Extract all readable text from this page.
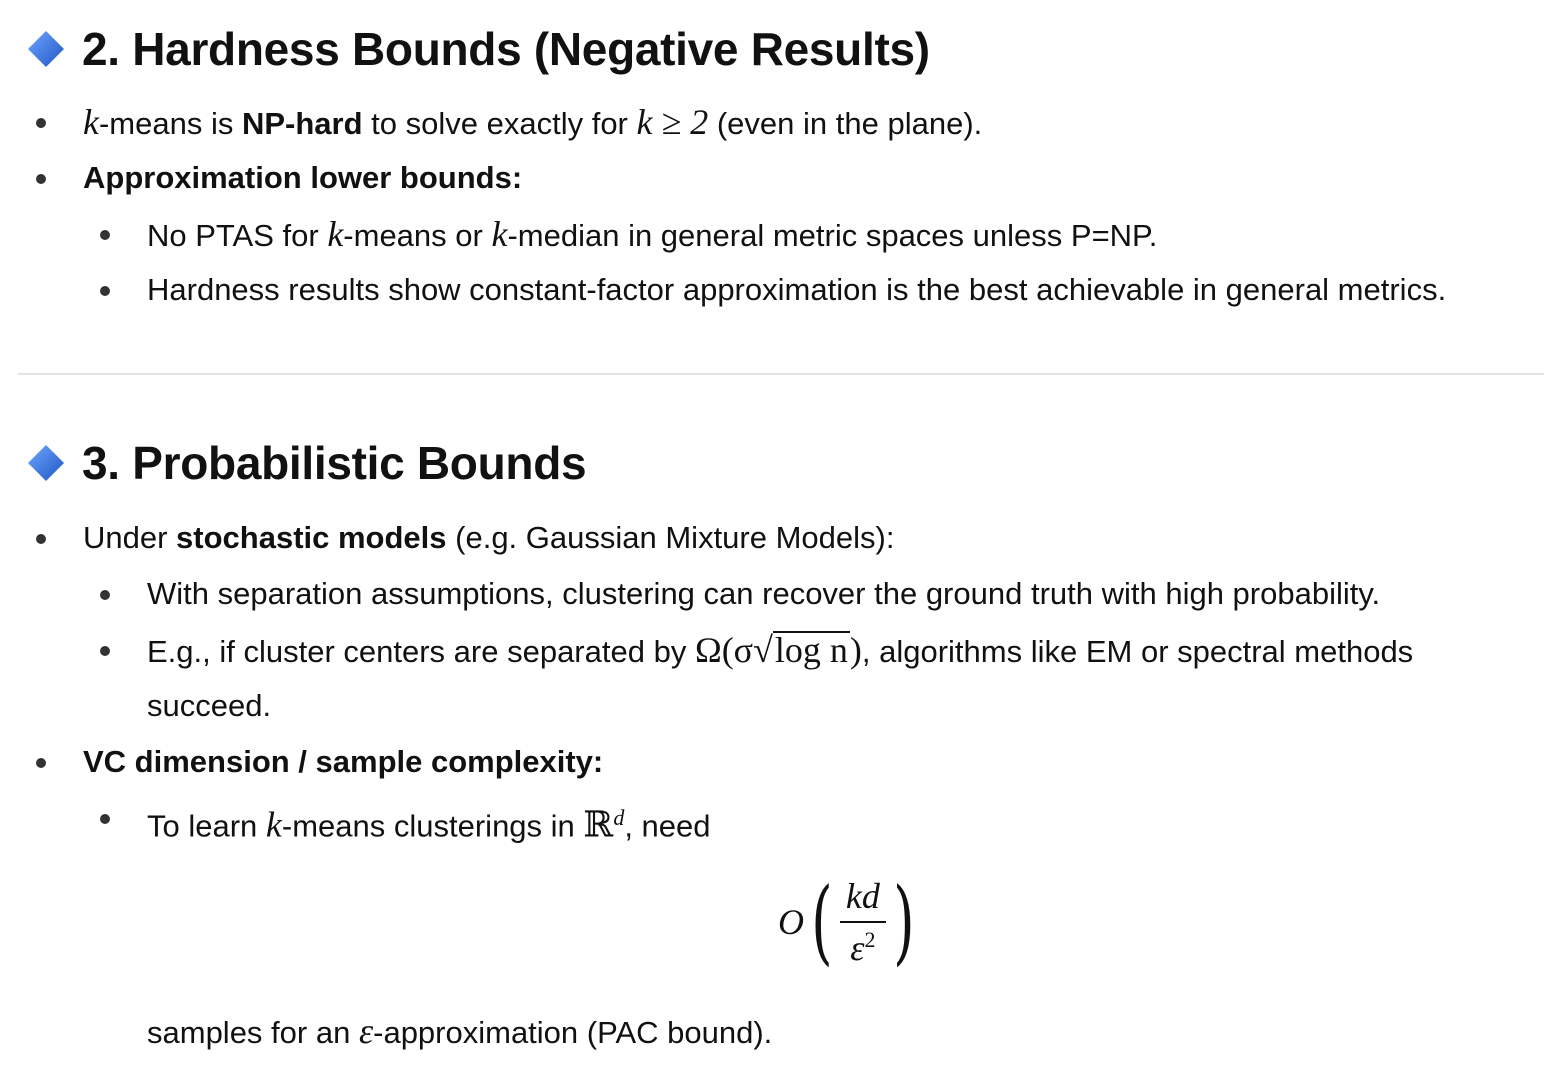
2. Hardness Bounds (Negative Results)
k-means is NP-hard to solve exactly for k ≥ 2 (even in the plane).
Approximation lower bounds:
No PTAS for k-means or k-median in general metric spaces unless P=NP.
Hardness results show constant-factor approximation is the best achievable in general metrics.
3. Probabilistic Bounds
Under stochastic models (e.g. Gaussian Mixture Models):
With separation assumptions, clustering can recover the ground truth with high probability.
E.g., if cluster centers are separated by Ω(σ√log n), algorithms like EM or spectral methods
succeed.
VC dimension / sample complexity:
To learn k-means clusterings in ℝ$^d$, need
O ( $\frac{kd}{\varepsilon^2}$ )
samples for an ε-approximation (PAC bound).
